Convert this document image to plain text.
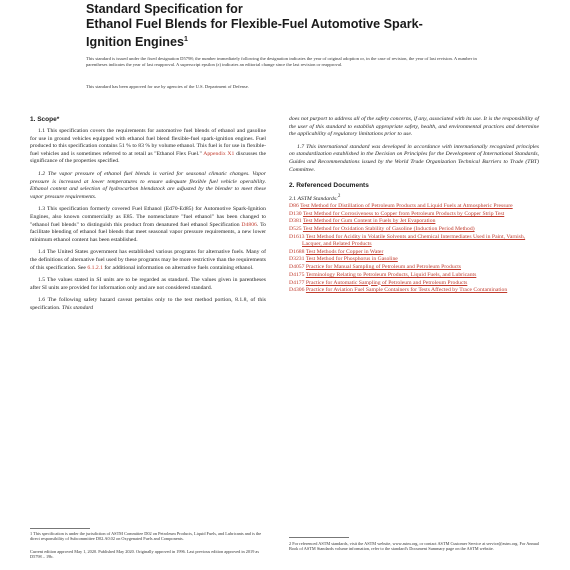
Standard Specification for
Ethanol Fuel Blends for Flexible-Fuel Automotive Spark-
Ignition Engines$^1$

This standard is issued under the fixed designation D5798; the number immediately following the designation indicates the year of original adoption or, in the case of revision, the year of last revision. A number in parentheses indicates the year of last reapproval. A superscript epsilon (ε) indicates an editorial change since the last revision or reapproval.

This standard has been approved for use by agencies of the U.S. Department of Defense.

1. Scope*

1.1 This specification covers the requirements for automotive fuel blends of ethanol and gasoline for use in ground vehicles equipped with ethanol fuel blend flexible-fuel spark-ignition engines. Fuel produced to this specification contains 51 % to 83 % by volume ethanol. This fuel is for use in flexible-fuel vehicles and is sometimes referred to at retail as "Ethanol Flex Fuel." Appendix X1 discusses the significance of the properties specified.

1.2 The vapor pressure of ethanol fuel blends is varied for seasonal climatic changes. Vapor pressure is increased at lower temperatures to ensure adequate flexible fuel vehicle operability. Ethanol content and selection of hydrocarbon blendstock are adjusted by the blender to meet these vapor pressure requirements.

1.3 This specification formerly covered Fuel Ethanol (Ed70-Ed85) for Automotive Spark-Ignition Engines, also known commercially as E85. The nomenclature "fuel ethanol" has been changed to "ethanol fuel blends" to distinguish this product from denatured fuel ethanol Specification D4806. To facilitate blending of ethanol fuel blends that meet seasonal vapor pressure requirements, a new lower minimum ethanol content has been established.

1.4 The United States government has established various programs for alternative fuels. Many of the definitions of alternative fuel used by these programs may be more restrictive than the requirements of this specification. See 6.1.2.1 for additional information on alternative fuels containing ethanol.

1.5 The values stated in SI units are to be regarded as standard. The values given in parentheses after SI units are provided for information only and are not considered standard.

1.6 The following safety hazard caveat pertains only to the test method portion, 8.1.8, of this specification. This standard

1 This specification is under the jurisdiction of ASTM Committee D02 on Petroleum Products, Liquid Fuels, and Lubricants and is the direct responsibility of Subcommittee D02.A0.02 on Oxygenated Fuels and Components.

Current edition approved May 1, 2020. Published May 2020. Originally approved in 1996. Last previous edition approved in 2019 as D5798 – 19b.

does not purport to address all of the safety concerns, if any, associated with its use. It is the responsibility of the user of this standard to establish appropriate safety, health, and environmental practices and determine the applicability of regulatory limitations prior to use.

1.7 This international standard was developed in accordance with internationally recognized principles on standardization established in the Decision on Principles for the Development of International Standards, Guides and Recommendations issued by the World Trade Organization Technical Barriers to Trade (TBT) Committee.

2. Referenced Documents

2.1 ASTM Standards:$^2$

D86 Test Method for Distillation of Petroleum Products and Liquid Fuels at Atmospheric Pressure
D130 Test Method for Corrosiveness to Copper from Petroleum Products by Copper Strip Test
D381 Test Method for Gum Content in Fuels by Jet Evaporation
D525 Test Method for Oxidation Stability of Gasoline (Induction Period Method)
D1613 Test Method for Acidity in Volatile Solvents and Chemical Intermediates Used in Paint, Varnish, Lacquer, and Related Products
D1688 Test Methods for Copper in Water
D3231 Test Method for Phosphorus in Gasoline
D4057 Practice for Manual Sampling of Petroleum and Petroleum Products
D4175 Terminology Relating to Petroleum Products, Liquid Fuels, and Lubricants
D4177 Practice for Automatic Sampling of Petroleum and Petroleum Products
D4306 Practice for Aviation Fuel Sample Containers for Tests Affected by Trace Contamination

2 For referenced ASTM standards, visit the ASTM website, www.astm.org, or contact ASTM Customer Service at service@astm.org. For Annual Book of ASTM Standards volume information, refer to the standard's Document Summary page on the ASTM website.
